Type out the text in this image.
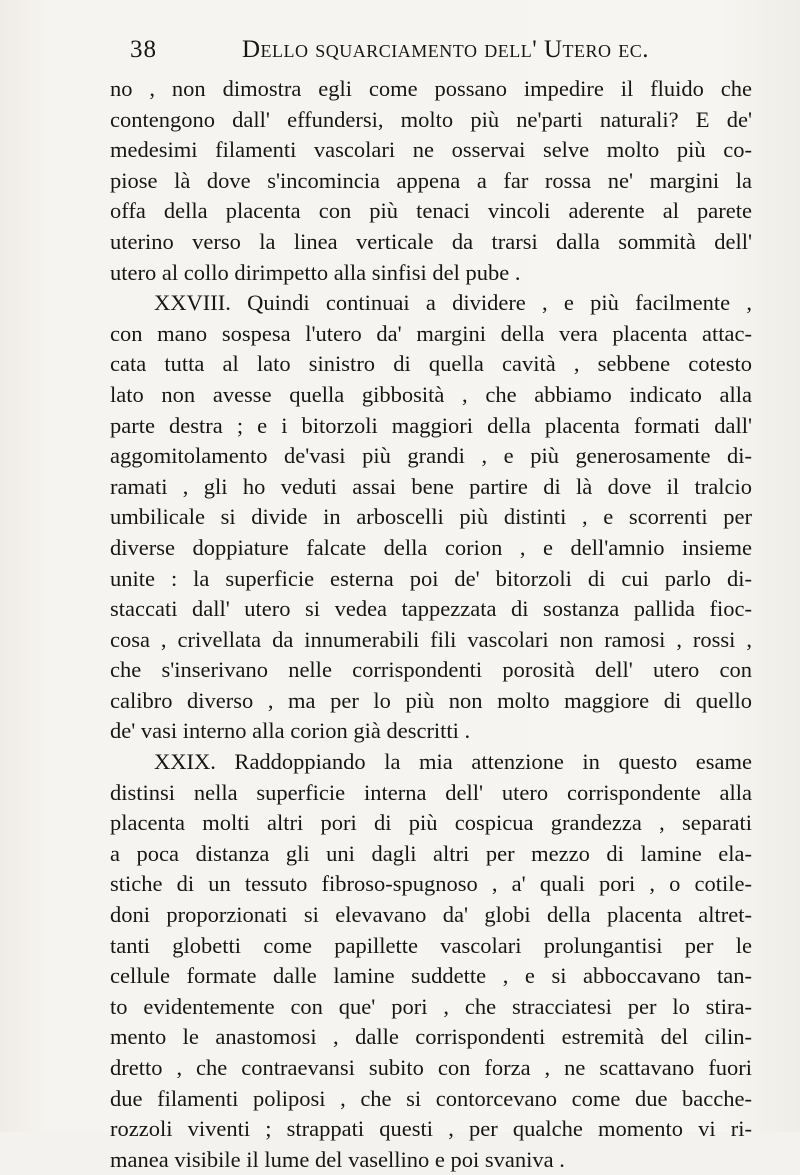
38	Dello squarciamento dell' Utero ec.
no , non dimostra egli come possano impedire il fluido che
contengono dall' effundersi, molto più ne'parti naturali? E de'
medesimi filamenti vascolari ne osservai selve molto più co-
piose là dove s'incomincia appena a far rossa ne' margini la
offa della placenta con più tenaci vincoli aderente al parete
uterino verso la linea verticale da trarsi dalla sommità dell'
utero al collo dirimpetto alla sinfisi del pube .
XXVIII. Quindi continuai a dividere , e più facilmente ,
con mano sospesa l'utero da' margini della vera placenta attac-
cata tutta al lato sinistro di quella cavità , sebbene cotesto
lato non avesse quella gibbosità , che abbiamo indicato alla
parte destra ; e i bitorzoli maggiori della placenta formati dall'
aggomitolamento de'vasi più grandi , e più generosamente di-
ramati , gli ho veduti assai bene partire di là dove il tralcio
umbilicale si divide in arboscelli più distinti , e scorrenti per
diverse doppiature falcate della corion , e dell'amnio insieme
unite : la superficie esterna poi de' bitorzoli di cui parlo di-
staccati dall' utero si vedea tappezzata di sostanza pallida fioc-
cosa , crivellata da innumerabili fili vascolari non ramosi , rossi ,
che s'inserivano nelle corrispondenti porosità dell' utero con
calibro diverso , ma per lo più non molto maggiore di quello
de' vasi interno alla corion già descritti .
XXIX. Raddoppiando la mia attenzione in questo esame
distinsi nella superficie interna dell' utero corrispondente alla
placenta molti altri pori di più cospicua grandezza , separati
a poca distanza gli uni dagli altri per mezzo di lamine ela-
stiche di un tessuto fibroso-spugnoso , a' quali pori , o cotile-
doni proporzionati si elevavano da' globi della placenta altret-
tanti globetti come papillette vascolari prolungantisi per le
cellule formate dalle lamine suddette , e si abboccavano tan-
to evidentemente con que' pori , che stracciatesi per lo stira-
mento le anastomosi , dalle corrispondenti estremità del cilin-
dretto , che contraevansi subito con forza , ne scattavano fuori
due filamenti poliposi , che si contorcevano come due bacche-
rozzoli viventi ; strappati questi , per qualche momento vi ri-
manea visibile il lume del vasellino e poi svaniva .
